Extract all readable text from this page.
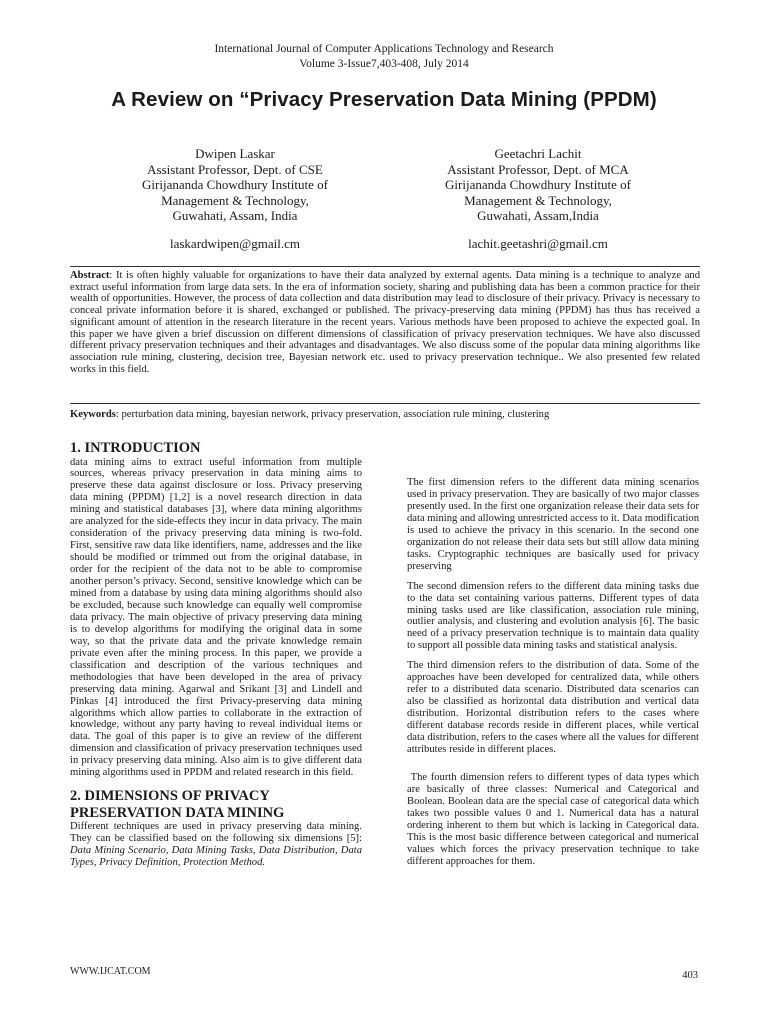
International Journal of Computer Applications Technology and Research
Volume 3-Issue7,403-408, July 2014
A Review on “Privacy Preservation Data Mining (PPDM)
Dwipen Laskar
Assistant Professor, Dept. of CSE
Girijananda Chowdhury Institute of
Management & Technology,
Guwahati, Assam, India
laskardwipen@gmail.cm
Geetachri Lachit
Assistant Professor, Dept. of MCA
Girijananda Chowdhury Institute of
Management & Technology,
Guwahati, Assam,India
lachit.geetashri@gmail.cm
Abstract: It is often highly valuable for organizations to have their data analyzed by external agents. Data mining is a technique to analyze and extract useful information from large data sets. In the era of information society, sharing and publishing data has been a common practice for their wealth of opportunities. However, the process of data collection and data distribution may lead to disclosure of their privacy. Privacy is necessary to conceal private information before it is shared, exchanged or published. The privacy-preserving data mining (PPDM) has thus has received a significant amount of attention in the research literature in the recent years. Various methods have been proposed to achieve the expected goal. In this paper we have given a brief discussion on different dimensions of classification of privacy preservation techniques. We have also discussed different privacy preservation techniques and their advantages and disadvantages. We also discuss some of the popular data mining algorithms like association rule mining, clustering, decision tree, Bayesian network etc. used to privacy preservation technique.. We also presented few related works in this field.
Keywords: perturbation data mining, bayesian network, privacy preservation, association rule mining, clustering
1. INTRODUCTION

data mining aims to extract useful information from multiple sources, whereas privacy preservation in data mining aims to preserve these data against disclosure or loss. Privacy preserving data mining (PPDM) [1,2] is a novel research direction in data mining and statistical databases [3], where data mining algorithms are analyzed for the side-effects they incur in data privacy. The main consideration of the privacy preserving data mining is two-fold. First, sensitive raw data like identifiers, name, addresses and the like should be modified or trimmed out from the original database, in order for the recipient of the data not to be able to compromise another person’s privacy. Second, sensitive knowledge which can be mined from a database by using data mining algorithms should also be excluded, because such knowledge can equally well compromise data privacy. The main objective of privacy preserving data mining is to develop algorithms for modifying the original data in some way, so that the private data and the private knowledge remain private even after the mining process. In this paper, we provide a classification and description of the various techniques and methodologies that have been developed in the area of privacy preserving data mining. Agarwal and Srikant [3] and Lindell and Pinkas [4] introduced the first Privacy-preserving data mining algorithms which allow parties to collaborate in the extraction of knowledge, without any party having to reveal individual items or data. The goal of this paper is to give an review of the different dimension and classification of privacy preservation techniques used in privacy preserving data mining. Also aim is to give different data mining algorithms used in PPDM and related research in this field.

2. DIMENSIONS OF PRIVACY PRESERVATION DATA MINING

Different techniques are used in privacy preserving data mining. They can be classified based on the following six dimensions [5]: Data Mining Scenario, Data Mining Tasks, Data Distribution, Data Types, Privacy Definition, Protection Method.

The first dimension refers to the different data mining scenarios used in privacy preservation. They are basically of two major classes presently used. In the first one organization release their data sets for data mining and allowing unrestricted access to it. Data modification is used to achieve the privacy in this scenario. In the second one organization do not release their data sets but still allow data mining tasks. Cryptographic techniques are basically used for privacy preserving

The second dimension refers to the different data mining tasks due to the data set containing various patterns. Different types of data mining tasks used are like classification, association rule mining, outlier analysis, and clustering and evolution analysis [6]. The basic need of a privacy preservation technique is to maintain data quality to support all possible data mining tasks and statistical analysis.

The third dimension refers to the distribution of data. Some of the approaches have been developed for centralized data, while others refer to a distributed data scenario. Distributed data scenarios can also be classified as horizontal data distribution and vertical data distribution. Horizontal distribution refers to the cases where different database records reside in different places, while vertical data distribution, refers to the cases where all the values for different attributes reside in different places.

The fourth dimension refers to different types of data types which are basically of three classes: Numerical and Categorical and Boolean. Boolean data are the special case of categorical data which takes two possible values 0 and 1. Numerical data has a natural ordering inherent to them but which is lacking in Categorical data. This is the most basic difference between categorical and numerical values which forces the privacy preservation technique to take different approaches for them.

WWW.IJCAT.COM	403
